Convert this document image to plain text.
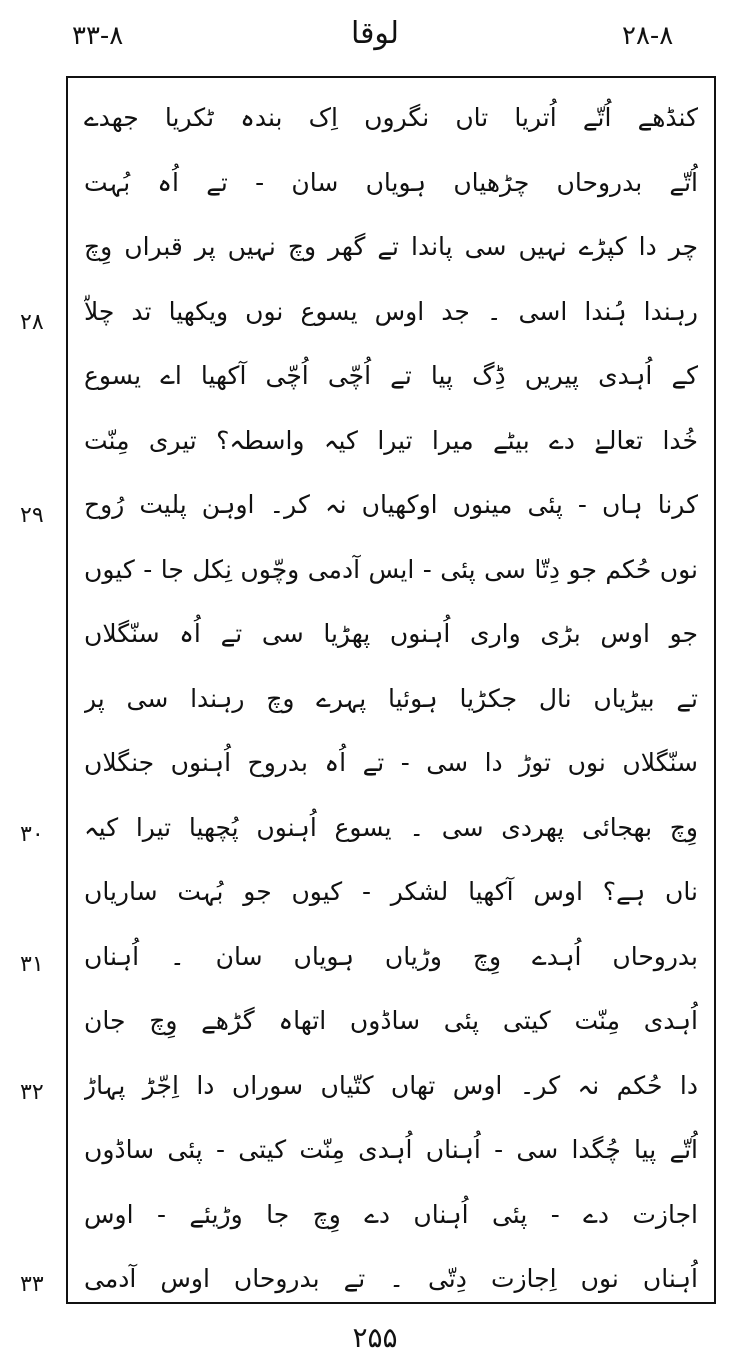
۳۳-۸	لوقا	۲۸-۸
کنڈھے اُتّے اُتریا تاں نگروں اِک بندہ ٹکریا جھدے
اُتّے بدروحاں چڑھیاں ہویاں سان - تے اُہ بُہت
چر دا کپڑے نہیں سی پاندا تے گھر وچ نہیں پر قبراں وِچ
رہندا ہُندا اسی ۔ جد اوس یسوع نوں ویکھیا تد چلاّ
کے اُہدی پیریں ڈِگ پیا تے اُچّی اُچّی آکھیا اے یسوع
خُدا تعالےٰ دے بیٹے میرا تیرا کیہ واسطہ؟ تیری مِنّت
کرنا ہاں - پئی مینوں اوکھیاں نہ کر۔ اوہن پلیت رُوح
نوں حُکم جو دِتّا سی پئی - ایس آدمی وچّوں نِکل جا - کیوں
جو اوس بڑی واری اُہنوں پھڑیا سی تے اُہ سنّگلاں
تے بیڑیاں نال جکڑیا ہوئیا پہرے وچ رہندا سی پر
سنّگلاں نوں توڑ دا سی - تے اُہ بدروح اُہنوں جنگلاں
وِچ بھجائی پھردی سی ۔ یسوع اُہنوں پُچھیا تیرا کیہ
ناں ہے؟ اوس آکھیا لشکر - کیوں جو بُہت ساریاں
بدروحاں اُہدے وِچ وڑیاں ہویاں سان ۔ اُہناں
اُہدی مِنّت کیتی پئی ساڈوں اتھاہ گڑھے وِچ جان
دا حُکم نہ کر۔ اوس تھاں کتّیاں سوراں دا اِجّڑ پہاڑ
اُتّے پیا چُگدا سی - اُہناں اُہدی مِنّت کیتی - پئی ساڈوں
اجازت دے - پئی اُہناں دے وِچ جا وڑیئے - اوس
اُہناں نوں اِجازت دِتّی ۔ تے بدروحاں اوس آدمی
۲۸
۲۹
۳۰
۳۱
۳۲
۳۳
۲۵۵
